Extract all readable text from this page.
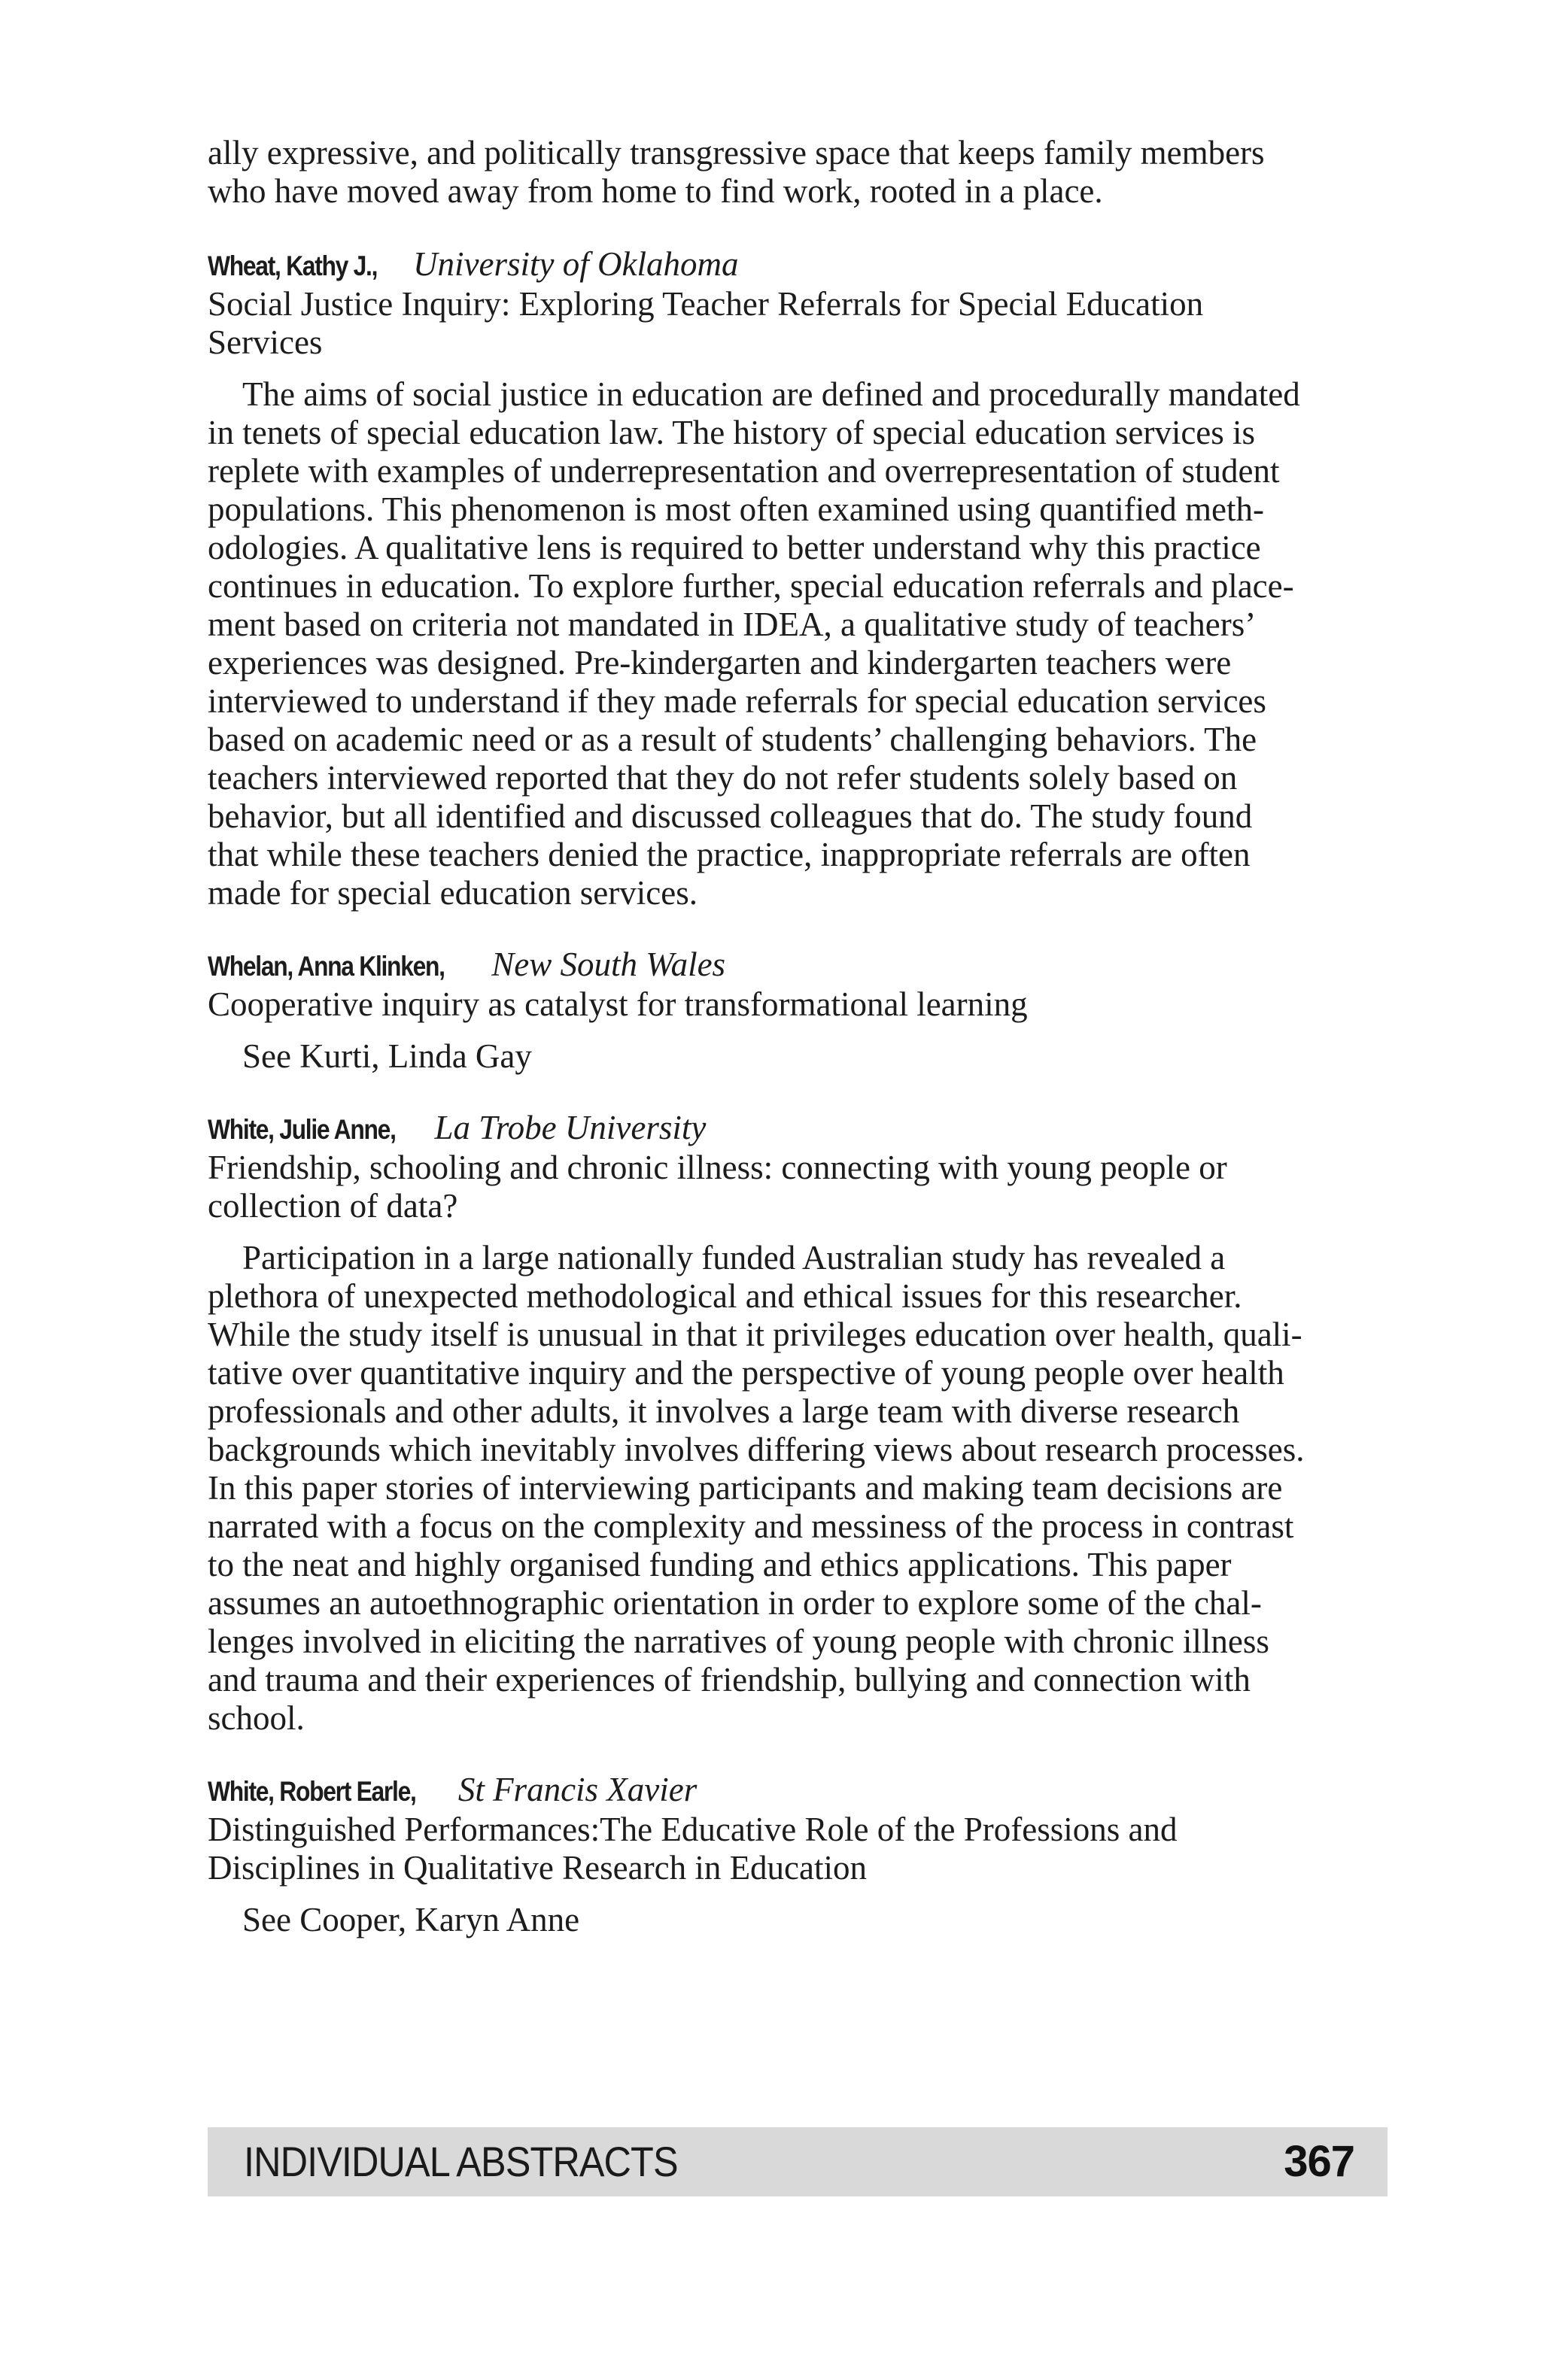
ally expressive, and politically transgressive space that keeps family members
who have moved away from home to find work, rooted in a place.
Wheat, Kathy J., University of Oklahoma
Social Justice Inquiry: Exploring Teacher Referrals for Special Education
Services
The aims of social justice in education are defined and procedurally mandated
in tenets of special education law. The history of special education services is
replete with examples of underrepresentation and overrepresentation of student
populations. This phenomenon is most often examined using quantified meth-
odologies. A qualitative lens is required to better understand why this practice
continues in education. To explore further, special education referrals and place-
ment based on criteria not mandated in IDEA, a qualitative study of teachers’
experiences was designed. Pre-kindergarten and kindergarten teachers were
interviewed to understand if they made referrals for special education services
based on academic need or as a result of students’ challenging behaviors. The
teachers interviewed reported that they do not refer students solely based on
behavior, but all identified and discussed colleagues that do. The study found
that while these teachers denied the practice, inappropriate referrals are often
made for special education services.
Whelan, Anna Klinken, New South Wales
Cooperative inquiry as catalyst for transformational learning
See Kurti, Linda Gay
White, Julie Anne, La Trobe University
Friendship, schooling and chronic illness: connecting with young people or
collection of data?
Participation in a large nationally funded Australian study has revealed a
plethora of unexpected methodological and ethical issues for this researcher.
While the study itself is unusual in that it privileges education over health, quali-
tative over quantitative inquiry and the perspective of young people over health
professionals and other adults, it involves a large team with diverse research
backgrounds which inevitably involves differing views about research processes.
In this paper stories of interviewing participants and making team decisions are
narrated with a focus on the complexity and messiness of the process in contrast
to the neat and highly organised funding and ethics applications. This paper
assumes an autoethnographic orientation in order to explore some of the chal-
lenges involved in eliciting the narratives of young people with chronic illness
and trauma and their experiences of friendship, bullying and connection with
school.
White, Robert Earle, St Francis Xavier
Distinguished Performances:The Educative Role of the Professions and
Disciplines in Qualitative Research in Education
See Cooper, Karyn Anne
INDIVIDUAL ABSTRACTS	367
